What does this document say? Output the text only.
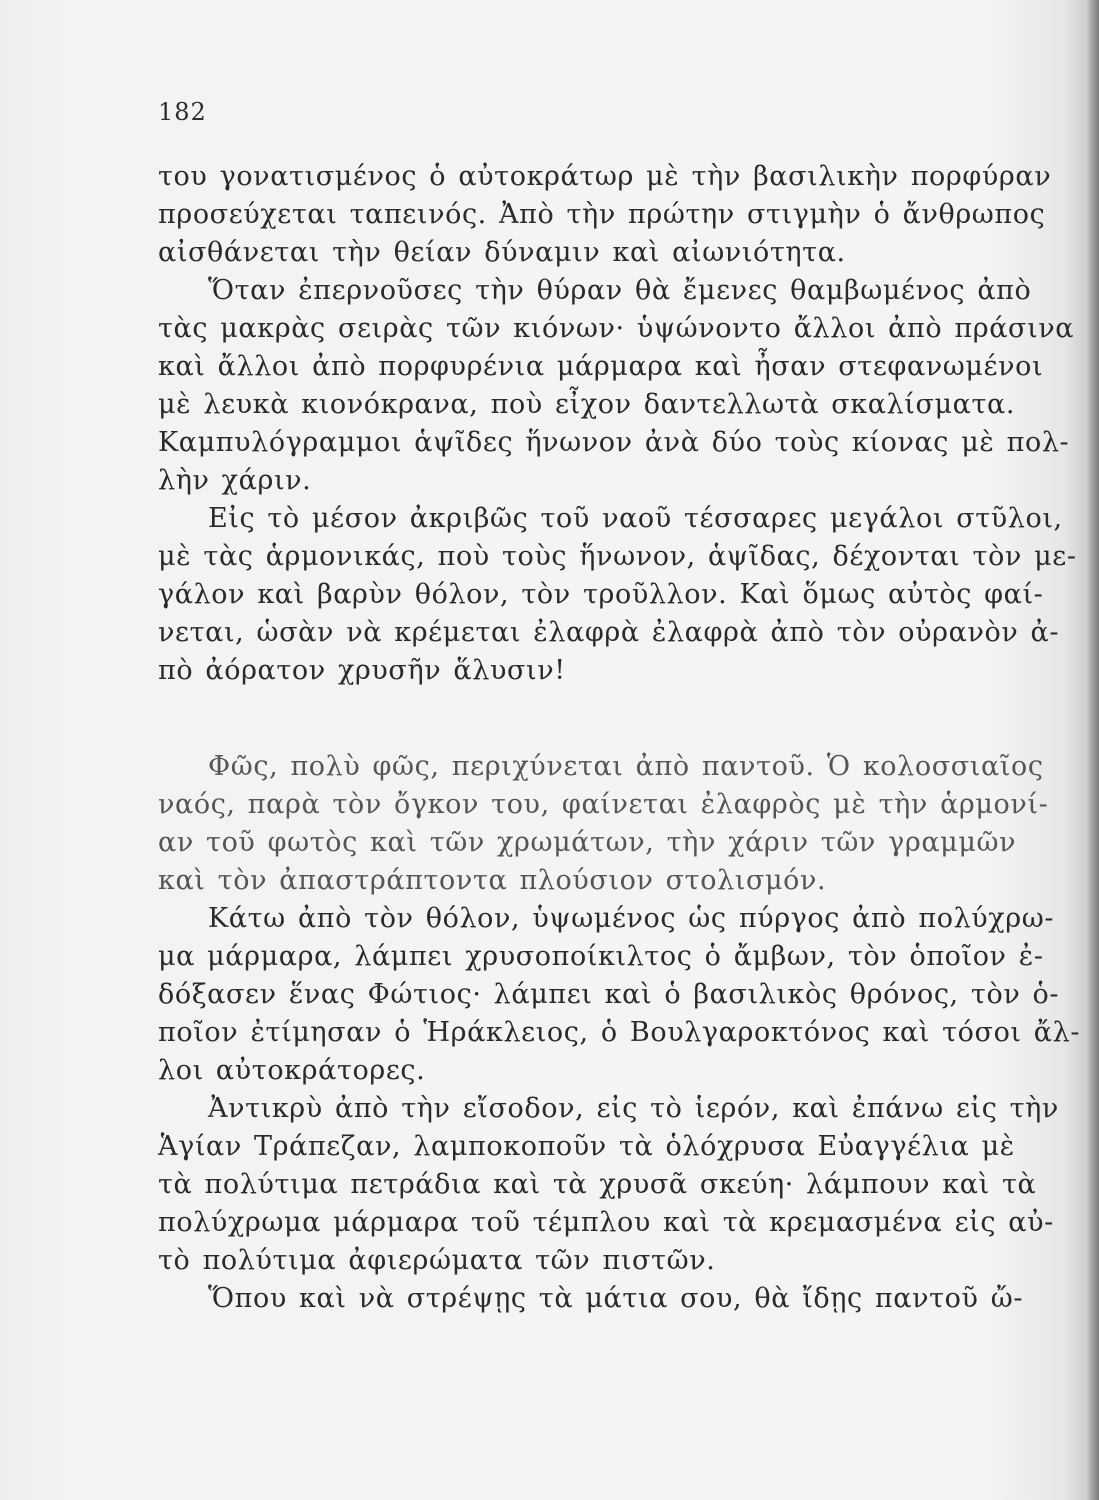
182
του γονατισμένος ὁ αὐτοκράτωρ μὲ τὴν βασιλικὴν πορφύραν
προσεύχεται ταπεινός. Ἀπὸ τὴν πρώτην στιγμὴν ὁ ἄνθρωπος
αἰσθάνεται τὴν θείαν δύναμιν καὶ αἰωνιότητα.
Ὅταν ἐπερνοῦσες τὴν θύραν θὰ ἔμενες θαμβωμένος ἀπὸ
τὰς μακρὰς σειρὰς τῶν κιόνων· ὑψώνοντο ἄλλοι ἀπὸ πράσινα
καὶ ἄλλοι ἀπὸ πορφυρένια μάρμαρα καὶ ἦσαν στεφανωμένοι
μὲ λευκὰ κιονόκρανα, ποὺ εἶχον δαντελλωτὰ σκαλίσματα.
Καμπυλόγραμμοι ἁψῖδες ἥνωνον ἀνὰ δύο τοὺς κίονας μὲ πολ-
λὴν χάριν.
Εἰς τὸ μέσον ἀκριβῶς τοῦ ναοῦ τέσσαρες μεγάλοι στῦλοι,
μὲ τὰς ἁρμονικάς, ποὺ τοὺς ἥνωνον, ἁψῖδας, δέχονται τὸν με-
γάλον καὶ βαρὺν θόλον, τὸν τροῦλλον. Καὶ ὅμως αὐτὸς φαί-
νεται, ὡσὰν νὰ κρέμεται ἐλαφρὰ ἐλαφρὰ ἀπὸ τὸν οὐρανὸν ἀ-
πὸ ἀόρατον χρυσῆν ἅλυσιν!
Φῶς, πολὺ φῶς, περιχύνεται ἀπὸ παντοῦ. Ὁ κολοσσιαῖος
ναός, παρὰ τὸν ὄγκον του, φαίνεται ἐλαφρὸς μὲ τὴν ἁρμονί-
αν τοῦ φωτὸς καὶ τῶν χρωμάτων, τὴν χάριν τῶν γραμμῶν
καὶ τὸν ἀπαστράπτοντα πλούσιον στολισμόν.
Κάτω ἀπὸ τὸν θόλον, ὑψωμένος ὡς πύργος ἀπὸ πολύχρω-
μα μάρμαρα, λάμπει χρυσοποίκιλτος ὁ ἄμβων, τὸν ὁποῖον ἐ-
δόξασεν ἕνας Φώτιος· λάμπει καὶ ὁ βασιλικὸς θρόνος, τὸν ὁ-
ποῖον ἐτίμησαν ὁ Ἡράκλειος, ὁ Βουλγαροκτόνος καὶ τόσοι ἄλ-
λοι αὐτοκράτορες.
Ἀντικρὺ ἀπὸ τὴν εἴσοδον, εἰς τὸ ἱερόν, καὶ ἐπάνω εἰς τὴν
Ἁγίαν Τράπεζαν, λαμποκοποῦν τὰ ὁλόχρυσα Εὐαγγέλια μὲ
τὰ πολύτιμα πετράδια καὶ τὰ χρυσᾶ σκεύη· λάμπουν καὶ τὰ
πολύχρωμα μάρμαρα τοῦ τέμπλου καὶ τὰ κρεμασμένα εἰς αὐ-
τὸ πολύτιμα ἀφιερώματα τῶν πιστῶν.
Ὅπου καὶ νὰ στρέψῃς τὰ μάτια σου, θὰ ἴδῃς παντοῦ ὤ-
